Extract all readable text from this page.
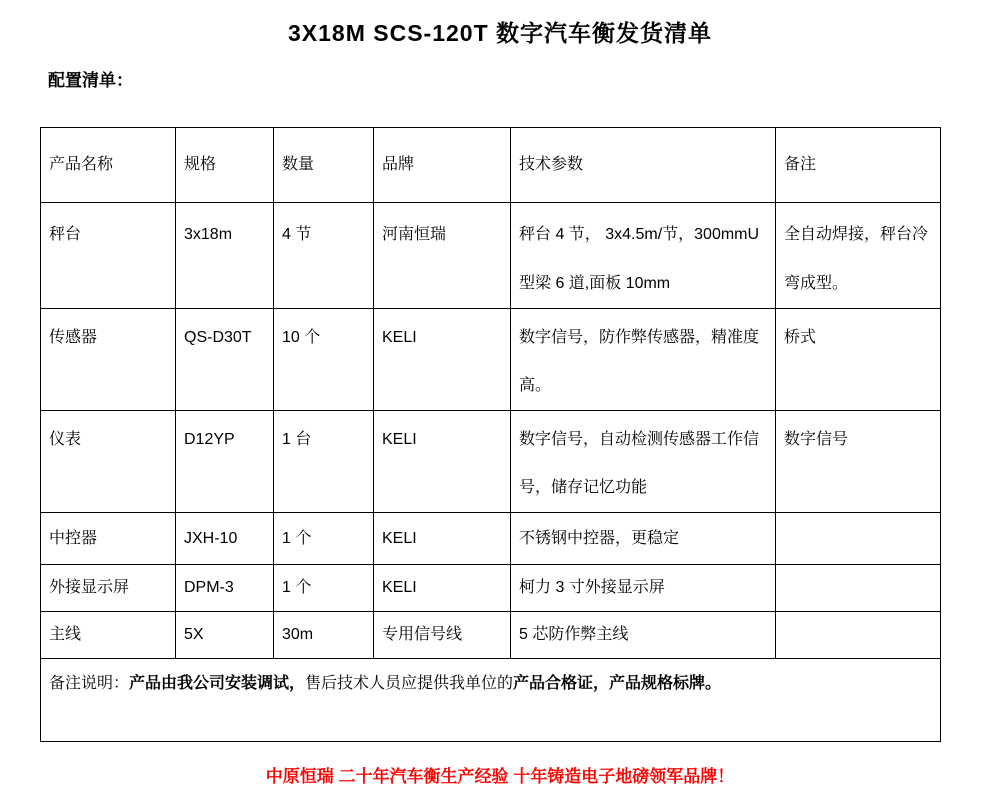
3X18M SCS-120T 数字汽车衡发货清单
配置清单：
产品名称	规格	数量	品牌	技术参数	备注
秤台	3x18m	4 节	河南恒瑞	秤台 4 节， 3x4.5m/节，300mmU 型梁 6 道,面板 10mm	全自动焊接，秤台冷弯成型。
传感器	QS-D30T	10 个	KELI	数字信号，防作弊传感器，精准度高。	桥式
仪表	D12YP	1 台	KELI	数字信号，自动检测传感器工作信号，储存记忆功能	数字信号
中控器	JXH-10	1 个	KELI	不锈钢中控器，更稳定	
外接显示屏	DPM-3	1 个	KELI	柯力 3 寸外接显示屏	
主线	5X	30m	专用信号线	5 芯防作弊主线	
备注说明：产品由我公司安装调试，售后技术人员应提供我单位的产品合格证，产品规格标牌。					
中原恒瑞 二十年汽车衡生产经验 十年铸造电子地磅领军品牌！
